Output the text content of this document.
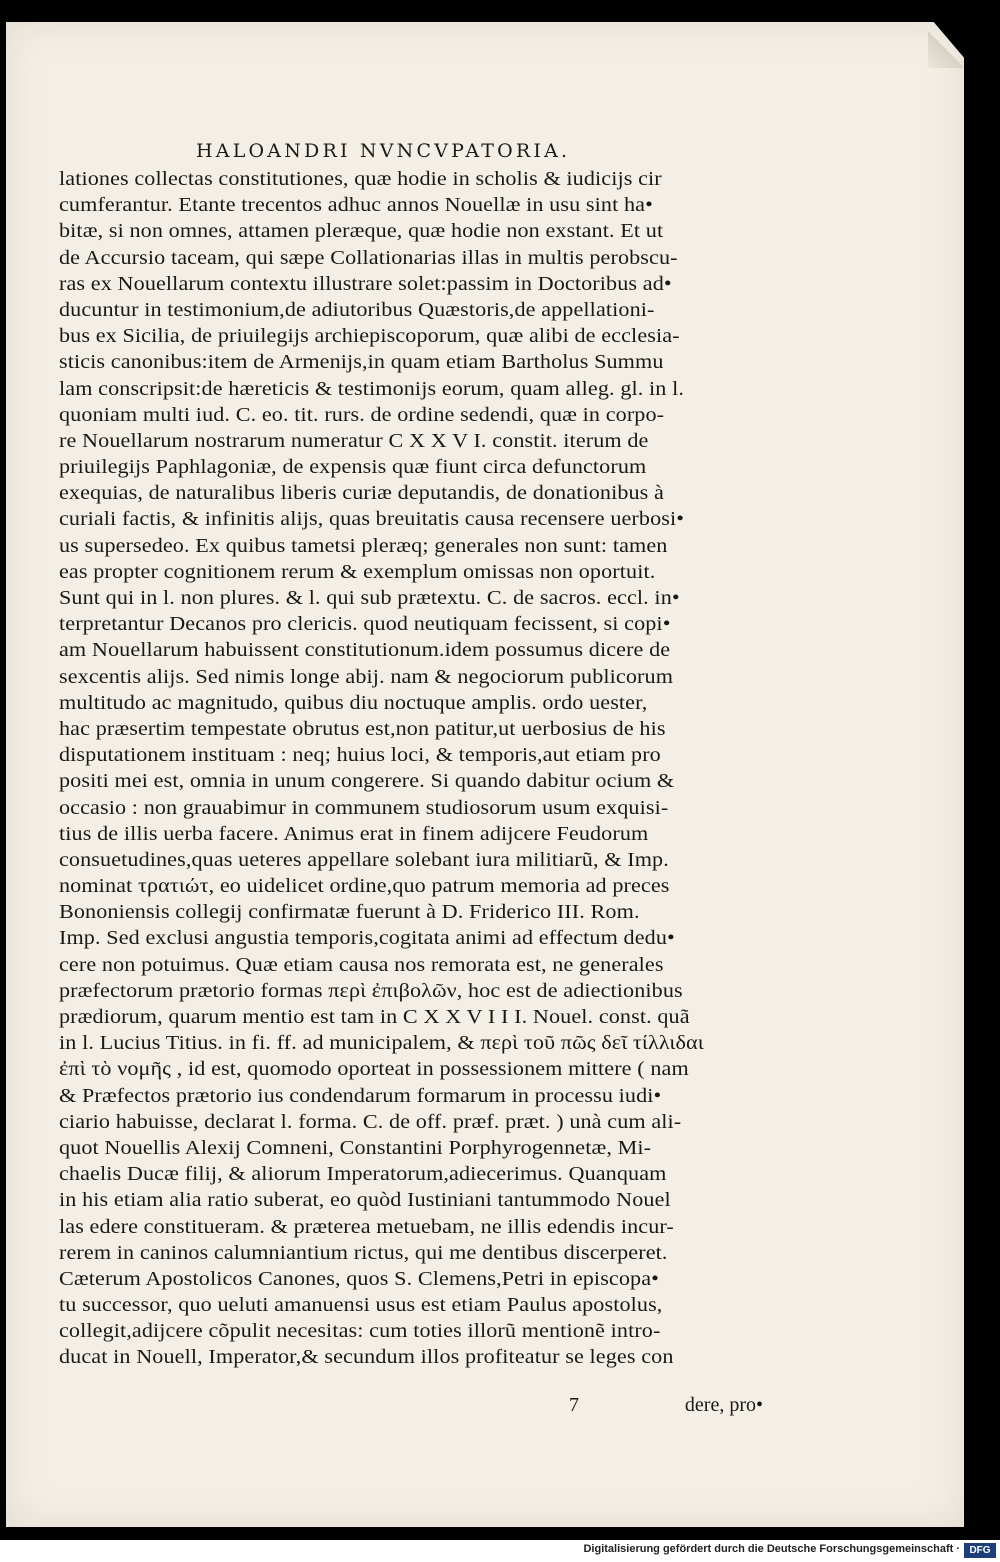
HALOANDRI NVNCVPATORIA.
lationes collectas constitutiones, quæ hodie in scholis & iudicijs cir
cumferantur. Etante trecentos adhuc annos Nouellæ in usu sint ha•
bitæ, si non omnes, attamen pleræque, quæ hodie non exstant. Et ut
de Accursio taceam, qui sæpe Collationarias illas in multis perobscu-
ras ex Nouellarum contextu illustrare solet:passim in Doctoribus ad•
ducuntur in testimonium,de adiutoribus Quæstoris,de appellationi-
bus ex Sicilia, de priuilegijs archiepiscoporum, quæ alibi de ecclesia-
sticis canonibus:item de Armenijs,in quam etiam Bartholus Summu
lam conscripsit:de hæreticis & testimonijs eorum, quam alleg. gl. in l.
quoniam multi iud. C. eo. tit. rurs. de ordine sedendi, quæ in corpo-
re Nouellarum nostrarum numeratur C X X V I. constit. iterum de
priuilegijs Paphlagoniæ, de expensis quæ fiunt circa defunctorum
exequias, de naturalibus liberis curiæ deputandis, de donationibus à
curiali factis, & infinitis alijs, quas breuitatis causa recensere uerbosi•
us supersedeo. Ex quibus tametsi pleræq; generales non sunt: tamen
eas propter cognitionem rerum & exemplum omissas non oportuit.
Sunt qui in l. non plures. & l. qui sub prætextu. C. de sacros. eccl. in•
terpretantur Decanos pro clericis. quod neutiquam fecissent, si copi•
am Nouellarum habuissent constitutionum.idem possumus dicere de
sexcentis alijs. Sed nimis longe abij. nam & negociorum publicorum
multitudo ac magnitudo, quibus diu noctuque amplis. ordo uester,
hac præsertim tempestate obrutus est,non patitur,ut uerbosius de his
disputationem instituam : neq; huius loci, & temporis,aut etiam pro
positi mei est, omnia in unum congerere. Si quando dabitur ocium &
occasio : non grauabimur in communem studiosorum usum exquisi-
tius de illis uerba facere. Animus erat in finem adijcere Feudorum
consuetudines,quas ueteres appellare solebant iura militiarũ, & Imp.
nominat τρατιώτ, eo uidelicet ordine,quo patrum memoria ad preces
Bononiensis collegij confirmatæ fuerunt à D. Friderico III. Rom.
Imp. Sed exclusi angustia temporis,cogitata animi ad effectum dedu•
cere non potuimus. Quæ etiam causa nos remorata est, ne generales
præfectorum prætorio formas περὶ ἐπιβολῶν, hoc est de adiectionibus
prædiorum, quarum mentio est tam in C X X V I I I. Nouel. const. quã
in l. Lucius Titius. in fi. ff. ad municipalem, & περὶ τοῦ πῶς δεῖ τίλλιδαι
ἐπὶ τὸ νομῆς , id est, quomodo oporteat in possessionem mittere ( nam
& Præfectos prætorio ius condendarum formarum in processu iudi•
ciario habuisse, declarat l. forma. C. de off. præf. præt. ) unà cum ali-
quot Nouellis Alexij Comneni, Constantini Porphyrogennetæ, Mi-
chaelis Ducæ filij, & aliorum Imperatorum,adiecerimus. Quanquam
in his etiam alia ratio suberat, eo quòd Iustiniani tantummodo Nouel
las edere constitueram. & præterea metuebam, ne illis edendis incur-
rerem in caninos calumniantium rictus, qui me dentibus discerperet.
Cæterum Apostolicos Canones, quos S. Clemens,Petri in episcopa•
tu successor, quo ueluti amanuensi usus est etiam Paulus apostolus,
collegit,adijcere cõpulit necesitas: cum toties illorũ mentionẽ intro-
ducat in Nouell, Imperator,& secundum illos profiteatur se leges con
7	dere, pro•
Digitalisierung gefördert durch die Deutsche Forschungsgemeinschaft · DFG
